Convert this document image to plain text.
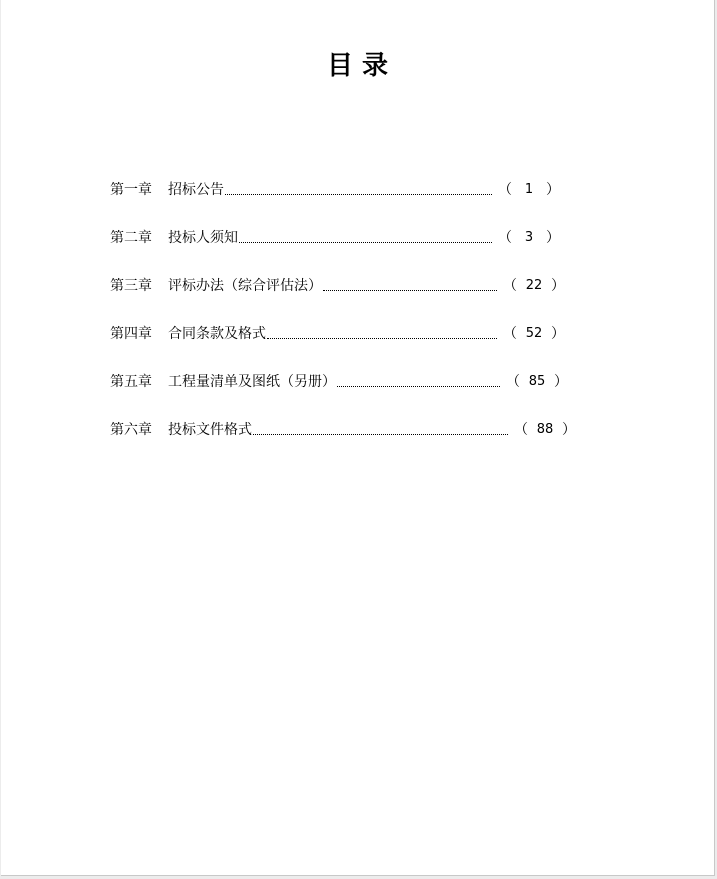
目 录
第一章	招标公告	（ 1 ）
第二章	投标人须知	（ 3 ）
第三章	评标办法（综合评估法）	（ 22 ）
第四章	合同条款及格式	（ 52 ）
第五章	工程量清单及图纸（另册）	（ 85 ）
第六章	投标文件格式	（ 88 ）
